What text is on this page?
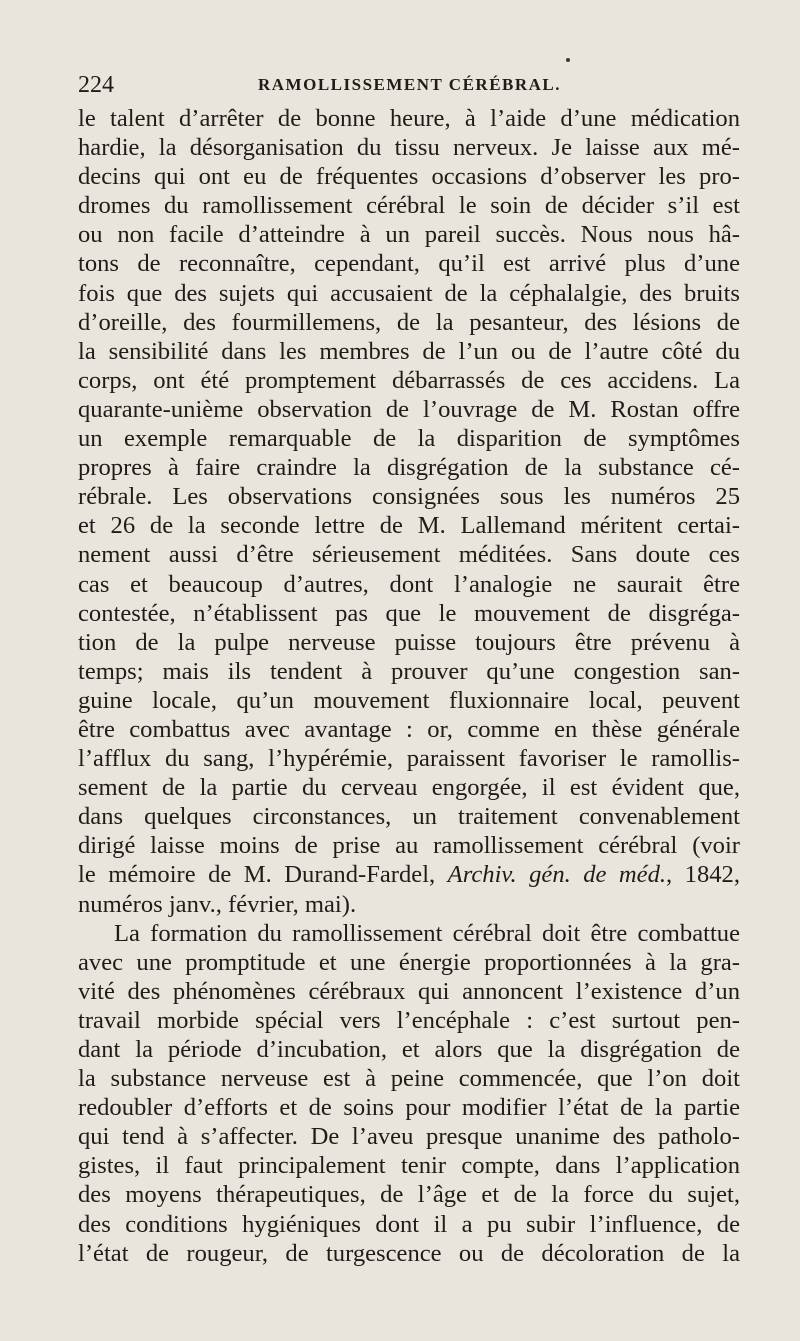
224	RAMOLLISSEMENT CÉRÉBRAL.
le talent d’arrêter de bonne heure, à l’aide d’une médication
hardie, la désorganisation du tissu nerveux. Je laisse aux mé-
decins qui ont eu de fréquentes occasions d’observer les pro-
dromes du ramollissement cérébral le soin de décider s’il est
ou non facile d’atteindre à un pareil succès. Nous nous hâ-
tons de reconnaître, cependant, qu’il est arrivé plus d’une
fois que des sujets qui accusaient de la céphalalgie, des bruits
d’oreille, des fourmillemens, de la pesanteur, des lésions de
la sensibilité dans les membres de l’un ou de l’autre côté du
corps, ont été promptement débarrassés de ces accidens. La
quarante-unième observation de l’ouvrage de M. Rostan offre
un exemple remarquable de la disparition de symptômes
propres à faire craindre la disgrégation de la substance cé-
rébrale. Les observations consignées sous les numéros 25
et 26 de la seconde lettre de M. Lallemand méritent certai-
nement aussi d’être sérieusement méditées. Sans doute ces
cas et beaucoup d’autres, dont l’analogie ne saurait être
contestée, n’établissent pas que le mouvement de disgréga-
tion de la pulpe nerveuse puisse toujours être prévenu à
temps; mais ils tendent à prouver qu’une congestion san-
guine locale, qu’un mouvement fluxionnaire local, peuvent
être combattus avec avantage : or, comme en thèse générale
l’afflux du sang, l’hypérémie, paraissent favoriser le ramollis-
sement de la partie du cerveau engorgée, il est évident que,
dans quelques circonstances, un traitement convenablement
dirigé laisse moins de prise au ramollissement cérébral (voir
le mémoire de M. Durand-Fardel, Archiv. gén. de méd., 1842,
numéros janv., février, mai).
La formation du ramollissement cérébral doit être combattue
avec une promptitude et une énergie proportionnées à la gra-
vité des phénomènes cérébraux qui annoncent l’existence d’un
travail morbide spécial vers l’encéphale : c’est surtout pen-
dant la période d’incubation, et alors que la disgrégation de
la substance nerveuse est à peine commencée, que l’on doit
redoubler d’efforts et de soins pour modifier l’état de la partie
qui tend à s’affecter. De l’aveu presque unanime des patholo-
gistes, il faut principalement tenir compte, dans l’application
des moyens thérapeutiques, de l’âge et de la force du sujet,
des conditions hygiéniques dont il a pu subir l’influence, de
l’état de rougeur, de turgescence ou de décoloration de la
